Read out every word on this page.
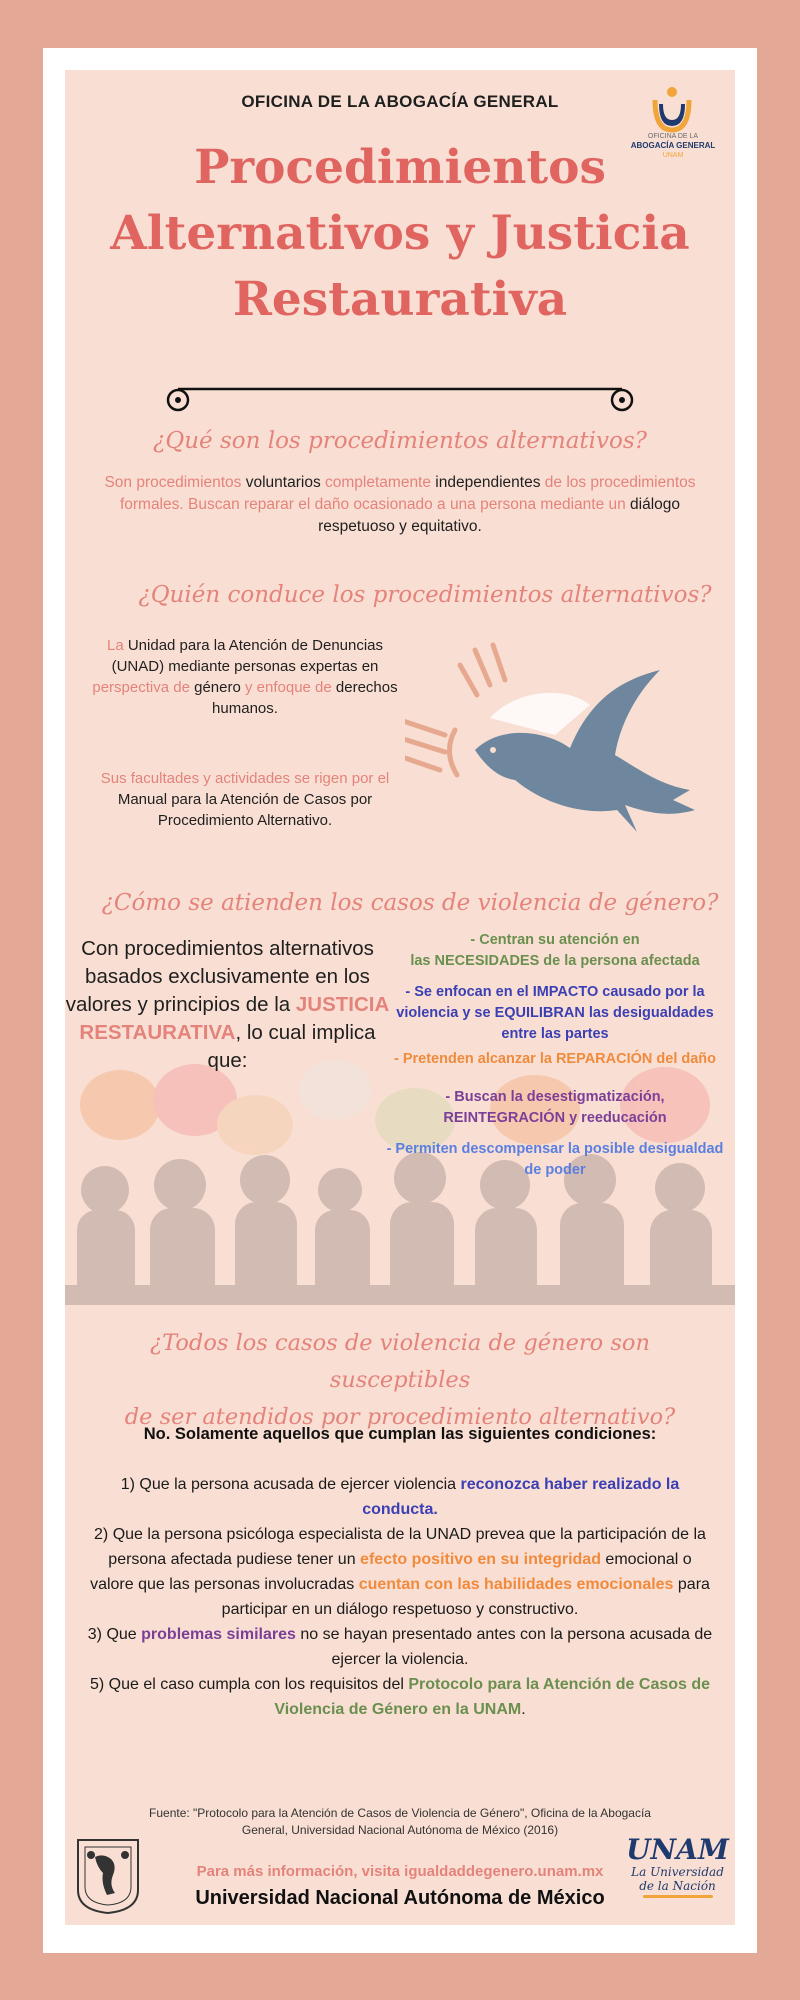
OFICINA DE LA ABOGACÍA GENERAL
OFICINA DE LA
ABOGACÍA GENERAL
UNAM
Procedimientos
Alternativos y Justicia
Restaurativa
¿Qué son los procedimientos alternativos?
Son procedimientos voluntarios completamente independientes de los procedimientos formales. Buscan reparar el daño ocasionado a una persona mediante un diálogo respetuoso y equitativo.
¿Quién conduce los procedimientos alternativos?
La Unidad para la Atención de Denuncias (UNAD) mediante personas expertas en perspectiva de género y enfoque de derechos humanos.
Sus facultades y actividades se rigen por el Manual para la Atención de Casos por Procedimiento Alternativo.
¿Cómo se atienden los casos de violencia de género?
Con procedimientos alternativos basados exclusivamente en los valores y principios de la JUSTICIA RESTAURATIVA, lo cual implica que:
- Centran su atención en
las NECESIDADES de la persona afectada
- Se enfocan en el IMPACTO causado por la violencia y se EQUILIBRAN las desigualdades entre las partes
- Pretenden alcanzar la REPARACIÓN del daño
- Buscan la desestigmatización,
REINTEGRACIÓN y reeducación
- Permiten descompensar la posible desigualdad de poder
¿Todos los casos de violencia de género son susceptibles
de ser atendidos por procedimiento alternativo?
No. Solamente aquellos que cumplan las siguientes condiciones:

1) Que la persona acusada de ejercer violencia reconozca haber realizado la conducta.

2) Que la persona psicóloga especialista de la UNAD prevea que la participación de la persona afectada pudiese tener un efecto positivo en su integridad emocional o valore que las personas involucradas cuentan con las habilidades emocionales para participar en un diálogo respetuoso y constructivo.

3) Que problemas similares no se hayan presentado antes con la persona acusada de ejercer la violencia.

5) Que el caso cumpla con los requisitos del Protocolo para la Atención de Casos de Violencia de Género en la UNAM.

Fuente: "Protocolo para la Atención de Casos de Violencia de Género", Oficina de la Abogacía General, Universidad Nacional Autónoma de México (2016)
Para más información, visita igualdaddegenero.unam.mx
Universidad Nacional Autónoma de México
UNAM
La Universidad
de la Nación
